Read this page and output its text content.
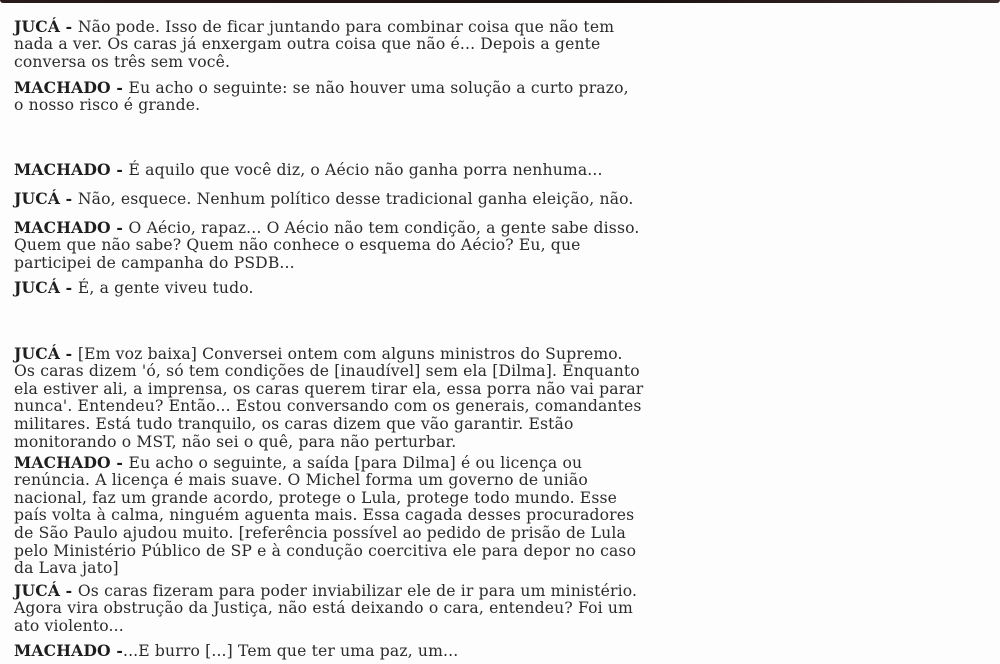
JUCÁ - Não pode. Isso de ficar juntando para combinar coisa que não tem
nada a ver. Os caras já enxergam outra coisa que não é... Depois a gente
conversa os três sem você.

MACHADO - Eu acho o seguinte: se não houver uma solução a curto prazo,
o nosso risco é grande.

MACHADO - É aquilo que você diz, o Aécio não ganha porra nenhuma...

JUCÁ - Não, esquece. Nenhum político desse tradicional ganha eleição, não.

MACHADO - O Aécio, rapaz... O Aécio não tem condição, a gente sabe disso.
Quem que não sabe? Quem não conhece o esquema do Aécio? Eu, que
participei de campanha do PSDB...

JUCÁ - É, a gente viveu tudo.

JUCÁ - [Em voz baixa] Conversei ontem com alguns ministros do Supremo.
Os caras dizem 'ó, só tem condições de [inaudível] sem ela [Dilma]. Enquanto
ela estiver ali, a imprensa, os caras querem tirar ela, essa porra não vai parar
nunca'. Entendeu? Então... Estou conversando com os generais, comandantes
militares. Está tudo tranquilo, os caras dizem que vão garantir. Estão
monitorando o MST, não sei o quê, para não perturbar.

MACHADO - Eu acho o seguinte, a saída [para Dilma] é ou licença ou
renúncia. A licença é mais suave. O Michel forma um governo de união
nacional, faz um grande acordo, protege o Lula, protege todo mundo. Esse
país volta à calma, ninguém aguenta mais. Essa cagada desses procuradores
de São Paulo ajudou muito. [referência possível ao pedido de prisão de Lula
pelo Ministério Público de SP e à condução coercitiva ele para depor no caso
da Lava jato]

JUCÁ - Os caras fizeram para poder inviabilizar ele de ir para um ministério.
Agora vira obstrução da Justiça, não está deixando o cara, entendeu? Foi um
ato violento...

MACHADO -...E burro [...] Tem que ter uma paz, um...
